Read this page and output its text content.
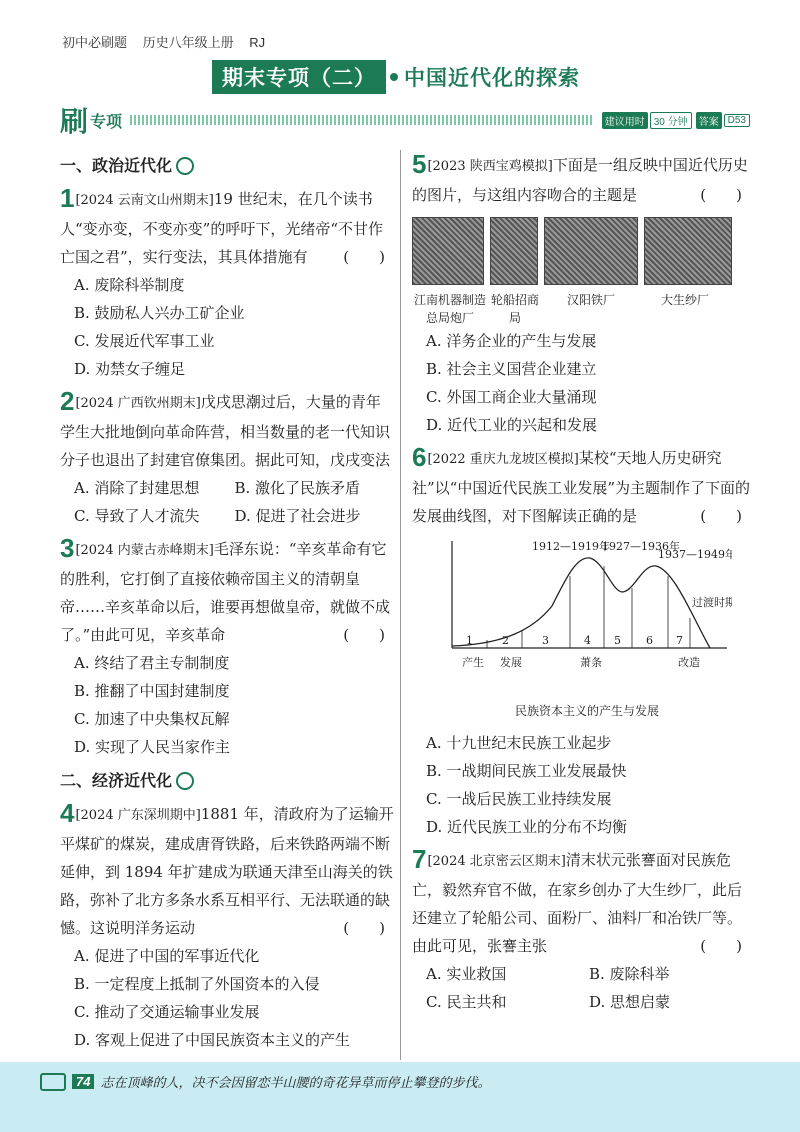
初中必刷题 历史八年级上册 RJ
期末专项（二）	中国近代化的探索
刷 专项	建议用时 30 分钟	答案 D53
一、政治近代化
1[2024 云南文山州期末]19 世纪末，在几个读书人“变亦变，不变亦变”的呼吁下，光绪帝“不甘作亡国之君”，实行变法，其具体措施有 (　　)
A. 废除科举制度
B. 鼓励私人兴办工矿企业
C. 发展近代军事工业
D. 劝禁女子缠足
2[2024 广西钦州期末]戊戌思潮过后，大量的青年学生大批地倒向革命阵营，相当数量的老一代知识分子也退出了封建官僚集团。据此可知，戊戌变法
A. 消除了封建思想	B. 激化了民族矛盾
C. 导致了人才流失	D. 促进了社会进步
3[2024 内蒙古赤峰期末]毛泽东说：“辛亥革命有它的胜利，它打倒了直接依赖帝国主义的清朝皇帝……辛亥革命以后，谁要再想做皇帝，就做不成了。”由此可见，辛亥革命	(　　)
A. 终结了君主专制制度
B. 推翻了中国封建制度
C. 加速了中央集权瓦解
D. 实现了人民当家作主
二、经济近代化
4[2024 广东深圳期中]1881 年，清政府为了运输开平煤矿的煤炭，建成唐胥铁路，后来铁路两端不断延伸，到 1894 年扩建成为联通天津至山海关的铁路，弥补了北方多条水系互相平行、无法联通的缺憾。这说明洋务运动	(　　)
A. 促进了中国的军事近代化
B. 一定程度上抵制了外国资本的入侵
C. 推动了交通运输事业发展
D. 客观上促进了中国民族资本主义的产生
5[2023 陕西宝鸡模拟]下面是一组反映中国近代历史的图片，与这组内容吻合的主题是	(　　)
江南机器制造总局炮厂
轮船招商局
汉阳铁厂	大生纱厂
A. 洋务企业的产生与发展
B. 社会主义国营企业建立
C. 外国工商企业大量涌现
D. 近代工业的兴起和发展
6[2022 重庆九龙坡区模拟]某校“天地人历史研究社”以“中国近代民族工业发展”为主题制作了下面的发展曲线图，对下图解读正确的是	(　　)
1	2	3	4 5 6 7
1912—1919年
1927—1936年
1937—1949年
过渡时期
产生 发展	萧条	改造
民族资本主义的产生与发展
A. 十九世纪末民族工业起步
B. 一战期间民族工业发展最快
C. 一战后民族工业持续发展
D. 近代民族工业的分布不均衡
7[2024 北京密云区期末]清末状元张謇面对民族危亡，毅然弃官不做，在家乡创办了大生纱厂，此后还建立了轮船公司、面粉厂、油料厂和冶铁厂等。由此可见，张謇主张	(　　)
A. 实业救国	B. 废除科举
C. 民主共和	D. 思想启蒙
74 志在顶峰的人，决不会因留恋半山腰的奇花异草而停止攀登的步伐。
